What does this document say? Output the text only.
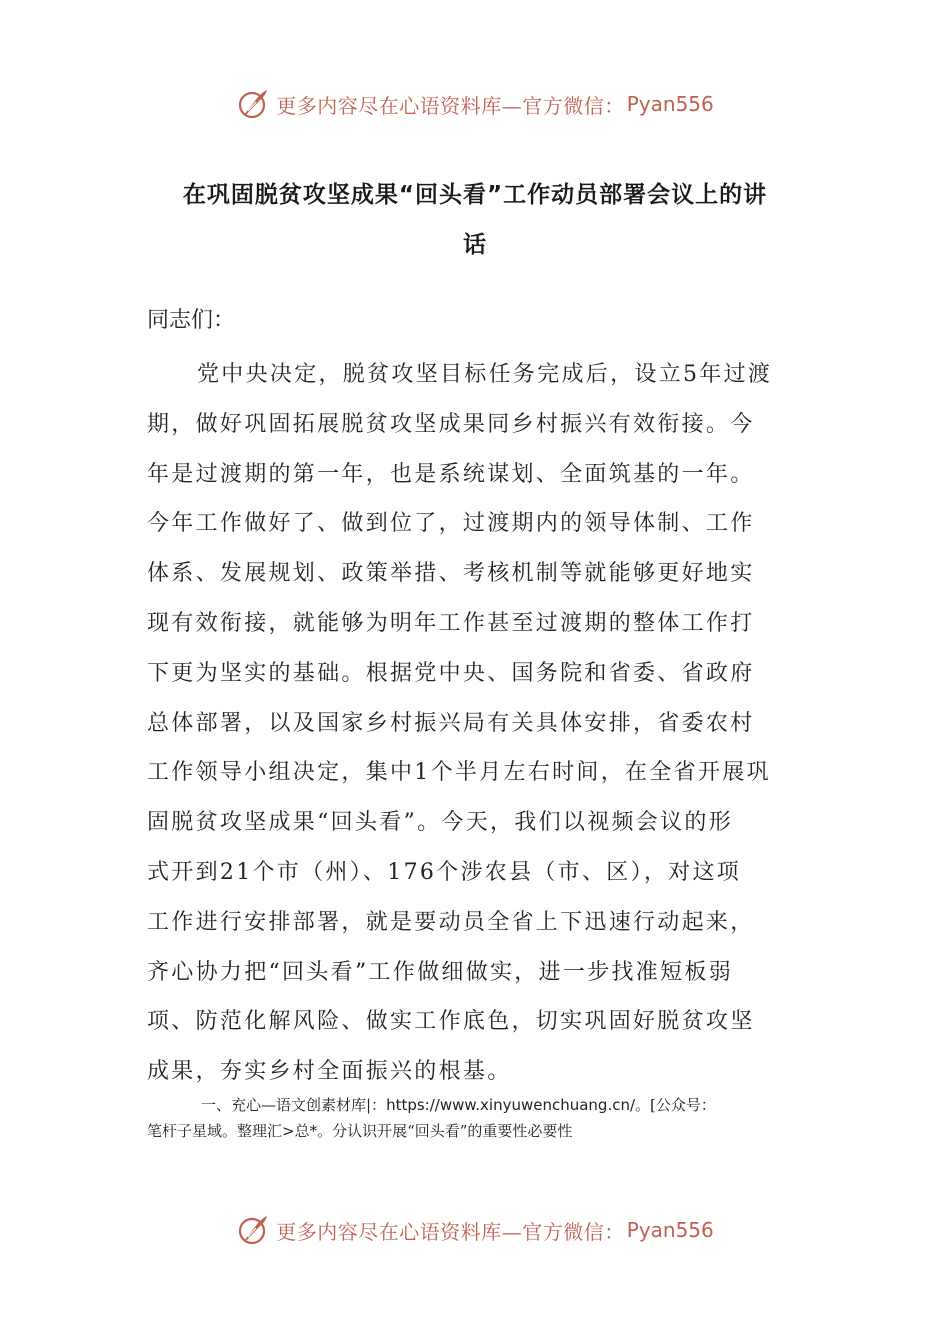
更多内容尽在心语资料库—官方微信： Pyan556
在巩固脱贫攻坚成果“回头看”工作动员部署会议上的讲
话
同志们：
党中央决定，脱贫攻坚目标任务完成后，设立5年过渡
期，做好巩固拓展脱贫攻坚成果同乡村振兴有效衔接。今
年是过渡期的第一年，也是系统谋划、全面筑基的一年。
今年工作做好了、做到位了，过渡期内的领导体制、工作
体系、发展规划、政策举措、考核机制等就能够更好地实
现有效衔接，就能够为明年工作甚至过渡期的整体工作打
下更为坚实的基础。根据党中央、国务院和省委、省政府
总体部署，以及国家乡村振兴局有关具体安排，省委农村
工作领导小组决定，集中1个半月左右时间，在全省开展巩
固脱贫攻坚成果“回头看”。今天，我们以视频会议的形
式开到21个市（州）、176个涉农县（市、区），对这项
工作进行安排部署，就是要动员全省上下迅速行动起来，
齐心协力把“回头看”工作做细做实，进一步找准短板弱
项、防范化解风险、做实工作底色，切实巩固好脱贫攻坚
成果，夯实乡村全面振兴的根基。
一、充心—语文创素材库|：https://www.xinyuwenchuang.cn/。[公众号：
笔杆子星域。整理汇>总*。分认识开展“回头看”的重要性必要性
更多内容尽在心语资料库—官方微信： Pyan556
